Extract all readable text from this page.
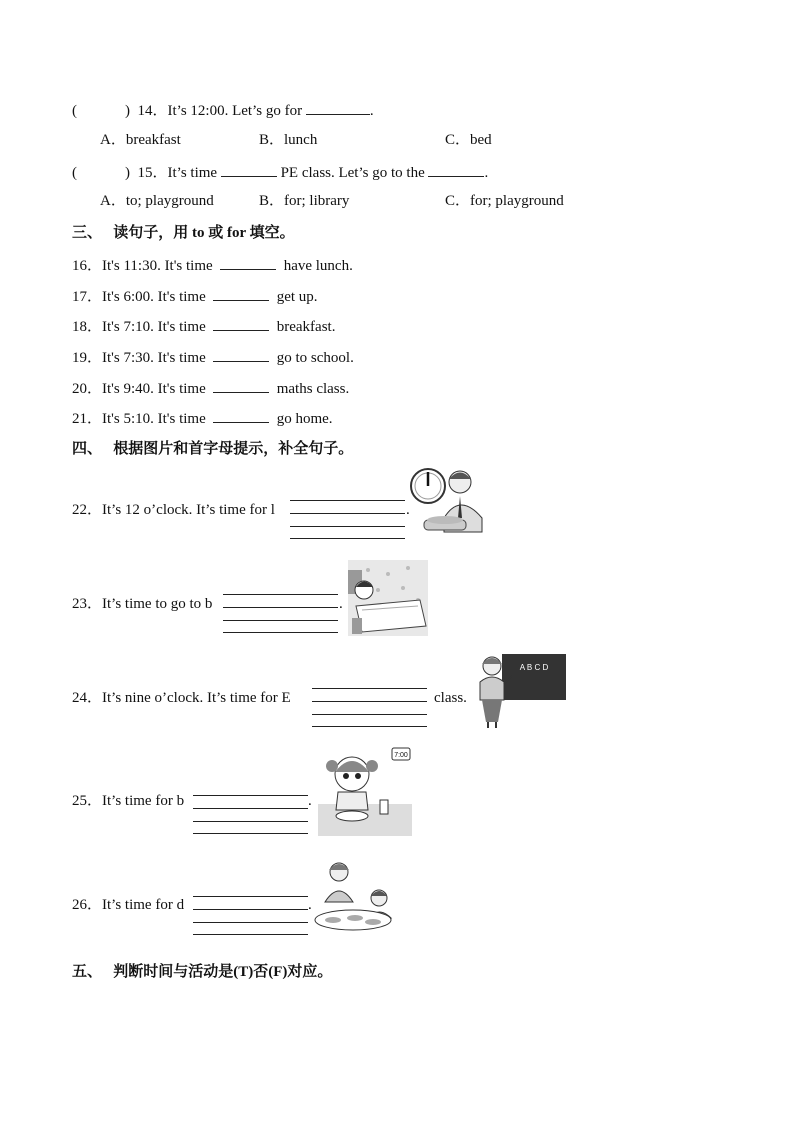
(	) 14．It’s 12:00. Let’s go for	.
A．breakfast	B．lunch	C．bed
(	) 15．It’s time	PE class. Let’s go to the	.
A．to; playground	B．for; library	C．for; playground
三、 读句子，用 to 或 for 填空。
16．It's 11:30. It's time	have lunch.
17．It's 6:00. It's time	get up.
18．It's 7:10. It's time	breakfast.
19．It's 7:30. It's time	go to school.
20．It's 9:40. It's time	maths class.
21．It's 5:10. It's time	go home.
四、 根据图片和首字母提示，补全句子。
22．It’s 12 o’clock. It’s time for l	.
23．It’s time to go to b	.
24．It’s nine o’clock. It’s time for E	class.
A B C D
25．It’s time for b	.
7:00
26．It’s time for d	.
五、 判断时间与活动是(T)否(F)对应。
